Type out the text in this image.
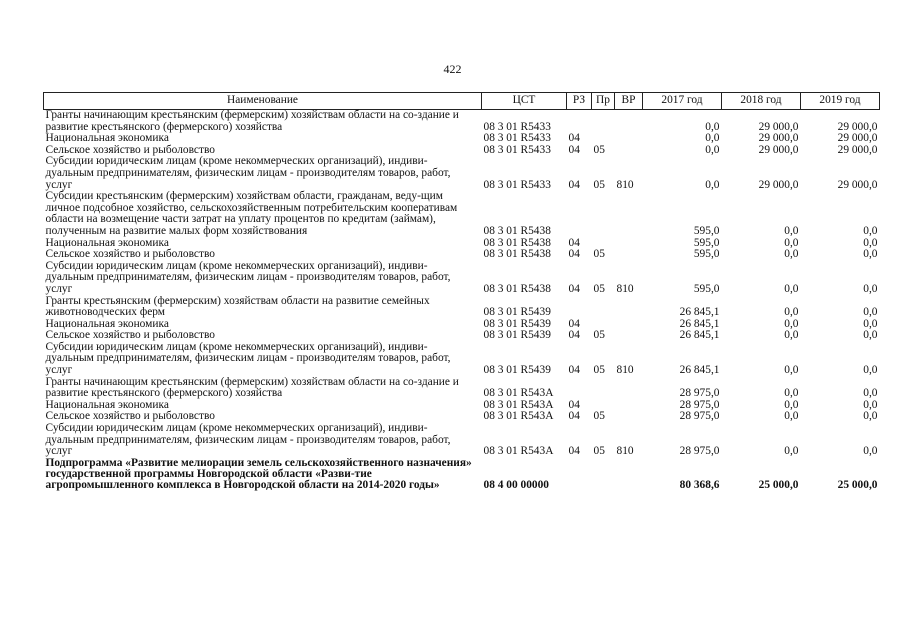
422
Наименование	ЦСТ	РЗ	Пр	ВР	2017 год	2018 год	2019 год
Гранты начинающим крестьянским (фермерским) хозяйствам области на со-здание и развитие крестьянского (фермерского) хозяйства	08 3 01 R5433				0,0	29 000,0	29 000,0
Национальная экономика	08 3 01 R5433	04			0,0	29 000,0	29 000,0
Сельское хозяйство и рыболовство	08 3 01 R5433	04	05		0,0	29 000,0	29 000,0
Субсидии юридическим лицам (кроме некоммерческих организаций), индиви-дуальным предпринимателям, физическим лицам - производителям товаров, работ, услуг	08 3 01 R5433	04	05	810	0,0	29 000,0	29 000,0
Субсидии крестьянским (фермерским) хозяйствам области, гражданам, веду-щим личное подсобное хозяйство, сельскохозяйственным потребительским кооперативам области на возмещение части затрат на уплату процентов по кредитам (займам), полученным на развитие малых форм хозяйствования	08 3 01 R5438				595,0	0,0	0,0
Национальная экономика	08 3 01 R5438	04			595,0	0,0	0,0
Сельское хозяйство и рыболовство	08 3 01 R5438	04	05		595,0	0,0	0,0
Субсидии юридическим лицам (кроме некоммерческих организаций), индиви-дуальным предпринимателям, физическим лицам - производителям товаров, работ, услуг	08 3 01 R5438	04	05	810	595,0	0,0	0,0
Гранты крестьянским (фермерским) хозяйствам области на развитие семейных животноводческих ферм	08 3 01 R5439				26 845,1	0,0	0,0
Национальная экономика	08 3 01 R5439	04			26 845,1	0,0	0,0
Сельское хозяйство и рыболовство	08 3 01 R5439	04	05		26 845,1	0,0	0,0
Субсидии юридическим лицам (кроме некоммерческих организаций), индиви-дуальным предпринимателям, физическим лицам - производителям товаров, работ, услуг	08 3 01 R5439	04	05	810	26 845,1	0,0	0,0
Гранты начинающим крестьянским (фермерским) хозяйствам области на со-здание и развитие крестьянского (фермерского) хозяйства	08 3 01 R543A				28 975,0	0,0	0,0
Национальная экономика	08 3 01 R543A	04			28 975,0	0,0	0,0
Сельское хозяйство и рыболовство	08 3 01 R543A	04	05		28 975,0	0,0	0,0
Субсидии юридическим лицам (кроме некоммерческих организаций), индиви-дуальным предпринимателям, физическим лицам - производителям товаров, работ, услуг	08 3 01 R543A	04	05	810	28 975,0	0,0	0,0
Подпрограмма «Развитие мелиорации земель сельскохозяйственного назначения» государственной программы Новгородской области «Разви-тие агропромышленного комплекса в Новгородской области на 2014-2020 годы»	08 4 00 00000				80 368,6	25 000,0	25 000,0
